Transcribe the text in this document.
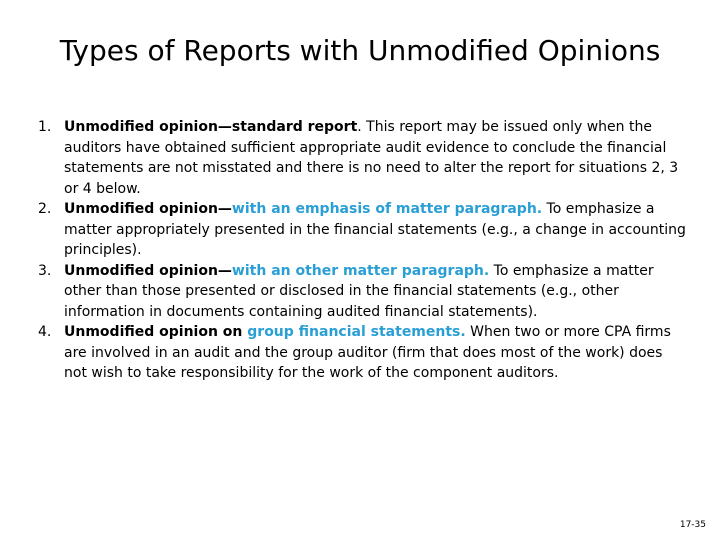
Types of Reports with Unmodified Opinions
1. Unmodified opinion—standard report. This report may be issued only when the auditors have obtained sufficient appropriate audit evidence to conclude the financial statements are not misstated and there is no need to alter the report for situations 2, 3 or 4 below.
2. Unmodified opinion—with an emphasis of matter paragraph. To emphasize a matter appropriately presented in the financial statements (e.g., a change in accounting principles).
3. Unmodified opinion—with an other matter paragraph. To emphasize a matter other than those presented or disclosed in the financial statements (e.g., other information in documents containing audited financial statements).
4. Unmodified opinion on group financial statements. When two or more CPA firms are involved in an audit and the group auditor (firm that does most of the work) does not wish to take responsibility for the work of the component auditors.
17-35
